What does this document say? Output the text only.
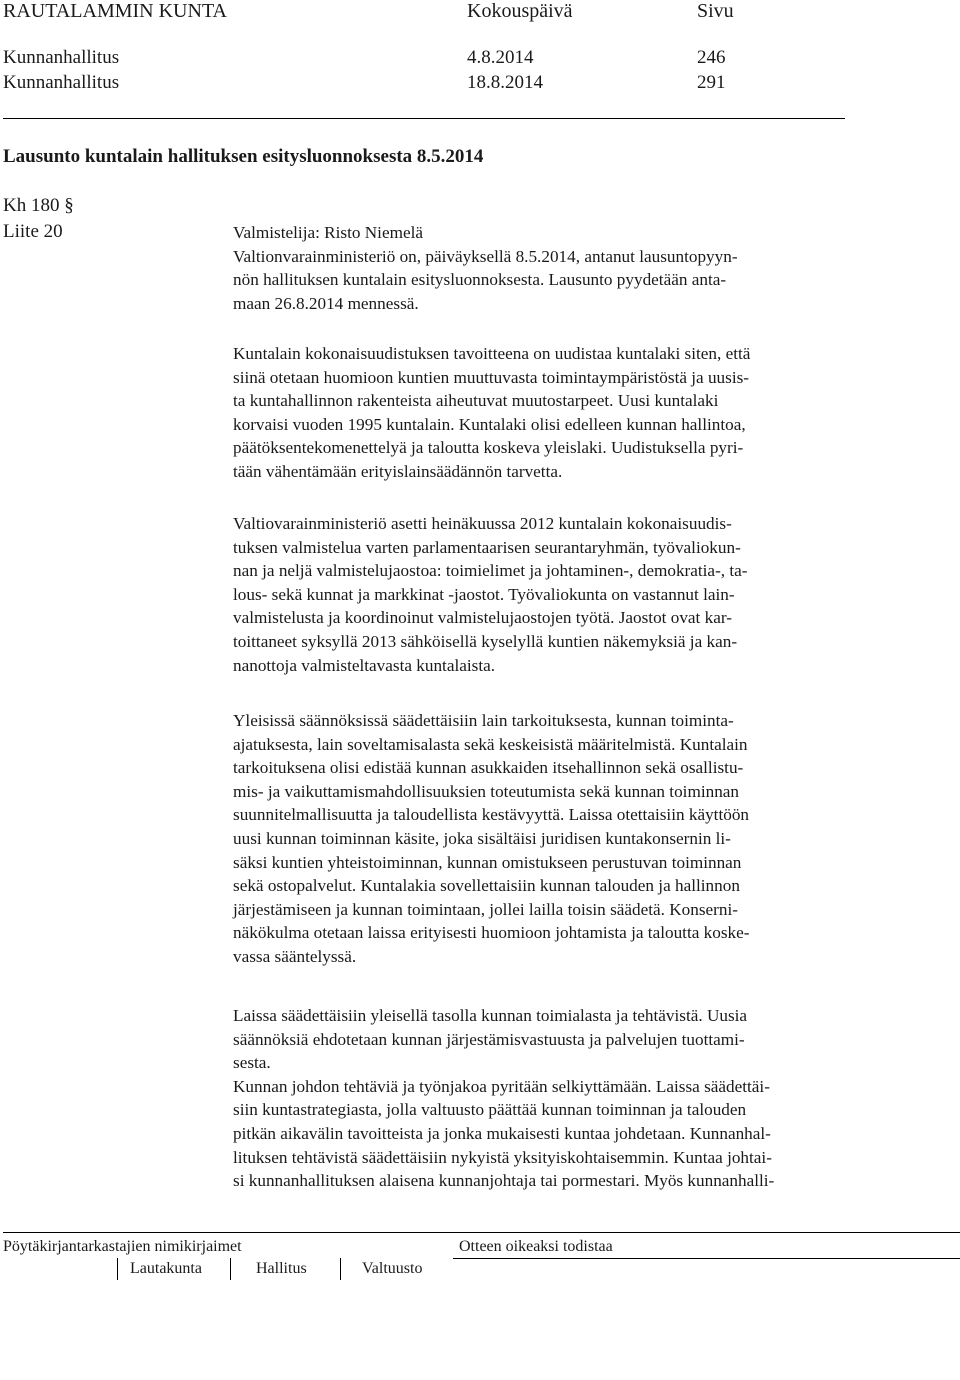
RAUTALAMMIN KUNTA	Kokouspäivä	Sivu
Kunnanhallitus	4.8.2014	246
Kunnanhallitus	18.8.2014	291
Lausunto kuntalain hallituksen esitysluonnoksesta 8.5.2014
Kh 180 §
Liite 20	Valmistelija: Risto Niemelä
Valtionvarainministeriö on, päiväyksellä 8.5.2014, antanut lausuntopyyn-
nön hallituksen kuntalain esitysluonnoksesta. Lausunto pyydetään anta-
maan 26.8.2014 mennessä.
Kuntalain kokonaisuudistuksen tavoitteena on uudistaa kuntalaki siten, että
siinä otetaan huomioon kuntien muuttuvasta toimintaympäristöstä ja uusis-
ta kuntahallinnon rakenteista aiheutuvat muutostarpeet. Uusi kuntalaki
korvaisi vuoden 1995 kuntalain. Kuntalaki olisi edelleen kunnan hallintoa,
päätöksentekomenettelyä ja taloutta koskeva yleislaki. Uudistuksella pyri-
tään vähentämään erityislainsäädännön tarvetta.
Valtiovarainministeriö asetti heinäkuussa 2012 kuntalain kokonaisuudis-
tuksen valmistelua varten parlamentaarisen seurantaryhmän, työvaliokun-
nan ja neljä valmistelujaostoa: toimielimet ja johtaminen-, demokratia-, ta-
lous- sekä kunnat ja markkinat -jaostot. Työvaliokunta on vastannut lain-
valmistelusta ja koordinoinut valmistelujaostojen työtä. Jaostot ovat kar-
toittaneet syksyllä 2013 sähköisellä kyselyllä kuntien näkemyksiä ja kan-
nanottoja valmisteltavasta kuntalaista.
Yleisissä säännöksissä säädettäisiin lain tarkoituksesta, kunnan toiminta-
ajatuksesta, lain soveltamisalasta sekä keskeisistä määritelmistä. Kuntalain
tarkoituksena olisi edistää kunnan asukkaiden itsehallinnon sekä osallistu-
mis- ja vaikuttamismahdollisuuksien toteutumista sekä kunnan toiminnan
suunnitelmallisuutta ja taloudellista kestävyyttä. Laissa otettaisiin käyttöön
uusi kunnan toiminnan käsite, joka sisältäisi juridisen kuntakonsernin li-
säksi kuntien yhteistoiminnan, kunnan omistukseen perustuvan toiminnan
sekä ostopalvelut. Kuntalakia sovellettaisiin kunnan talouden ja hallinnon
järjestämiseen ja kunnan toimintaan, jollei lailla toisin säädetä. Konserni-
näkökulma otetaan laissa erityisesti huomioon johtamista ja taloutta koske-
vassa sääntelyssä.
Laissa säädettäisiin yleisellä tasolla kunnan toimialasta ja tehtävistä. Uusia
säännöksiä ehdotetaan kunnan järjestämisvastuusta ja palvelujen tuottami-
sesta.
Kunnan johdon tehtäviä ja työnjakoa pyritään selkiyttämään. Laissa säädettäi-
siin kuntastrategiasta, jolla valtuusto päättää kunnan toiminnan ja talouden
pitkän aikavälin tavoitteista ja jonka mukaisesti kuntaa johdetaan. Kunnanhal-
lituksen tehtävistä säädettäisiin nykyistä yksityiskohtaisemmin. Kuntaa johtai-
si kunnanhallituksen alaisena kunnanjohtaja tai pormestari. Myös kunnanhalli-
Pöytäkirjantarkastajien nimikirjaimet	Otteen oikeaksi todistaa
Lautakunta	Hallitus	Valtuusto
